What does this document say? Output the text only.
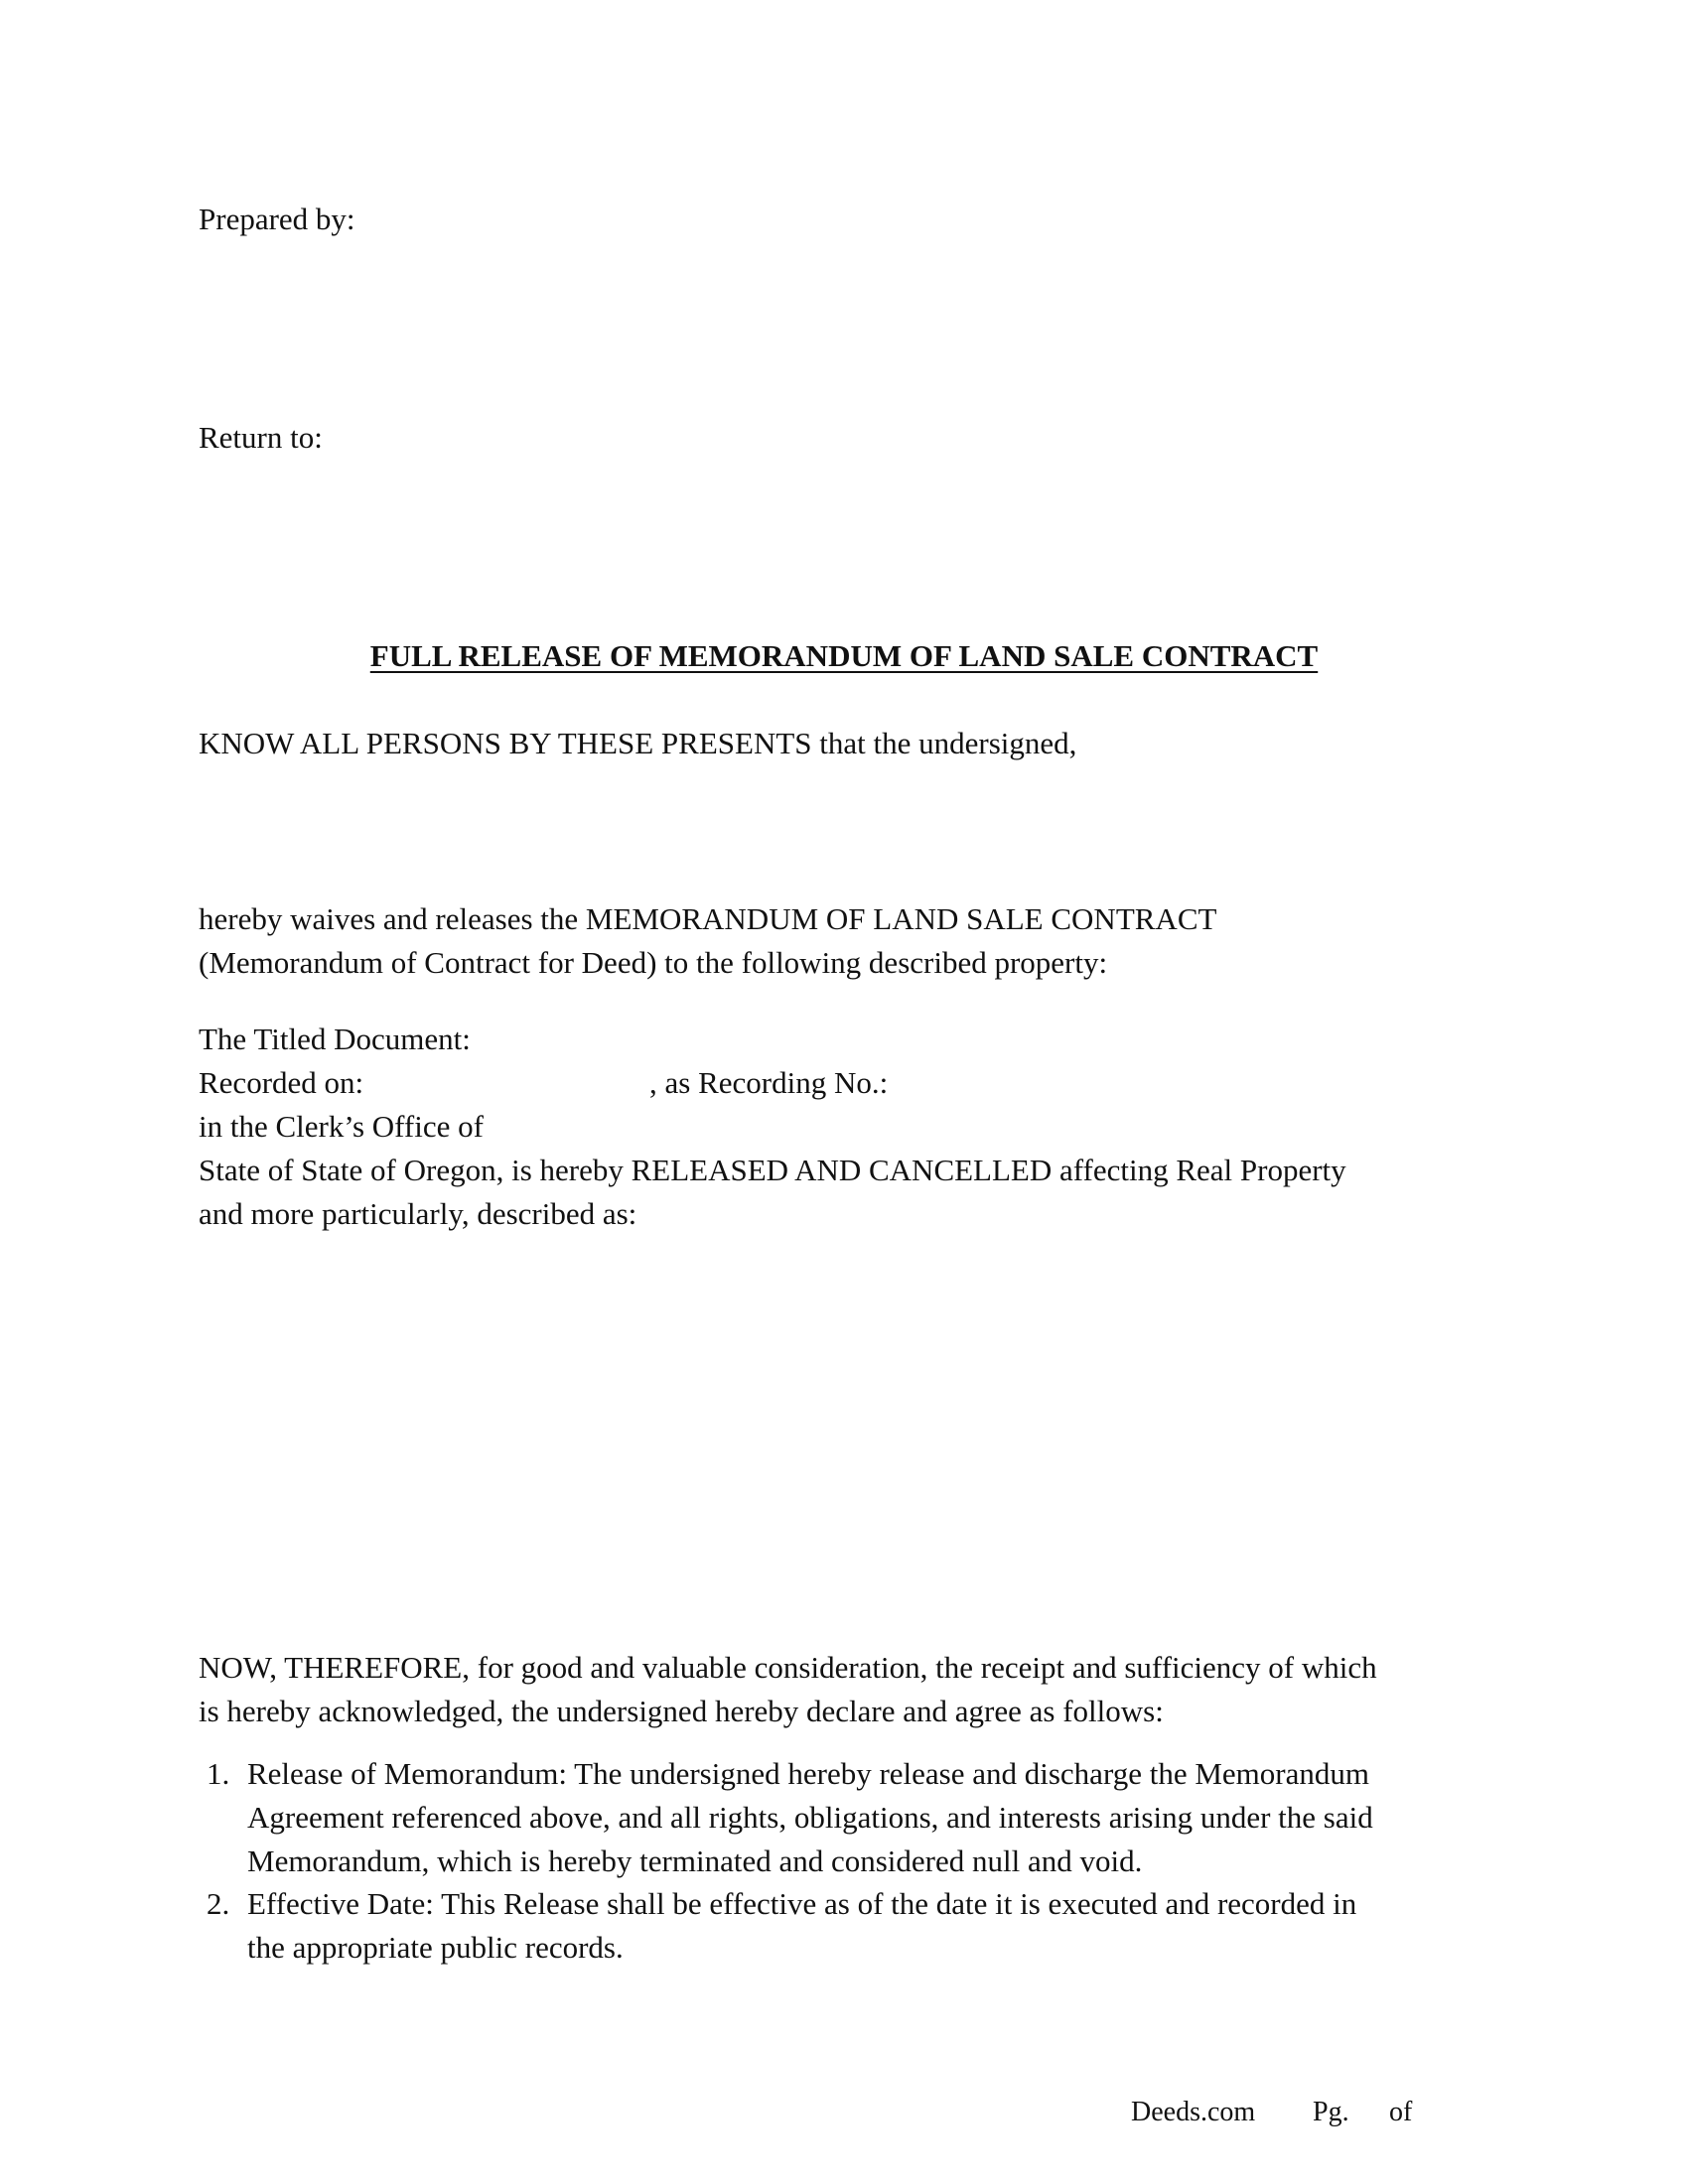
Prepared by:
Return to:
FULL RELEASE OF MEMORANDUM OF LAND SALE CONTRACT
KNOW ALL PERSONS BY THESE PRESENTS that the undersigned,
hereby waives and releases the MEMORANDUM OF LAND SALE CONTRACT
(Memorandum of Contract for Deed) to the following described property:
The Titled Document:
Recorded on:	, as Recording No.:
in the Clerk’s Office of
State of State of Oregon, is hereby RELEASED AND CANCELLED affecting Real Property
and more particularly, described as:
NOW, THEREFORE, for good and valuable consideration, the receipt and sufficiency of which
is hereby acknowledged, the undersigned hereby declare and agree as follows:
1. Release of Memorandum: The undersigned hereby release and discharge the Memorandum
Agreement referenced above, and all rights, obligations, and interests arising under the said
Memorandum, which is hereby terminated and considered null and void.
2. Effective Date: This Release shall be effective as of the date it is executed and recorded in
the appropriate public records.
Deeds.com Pg. of
